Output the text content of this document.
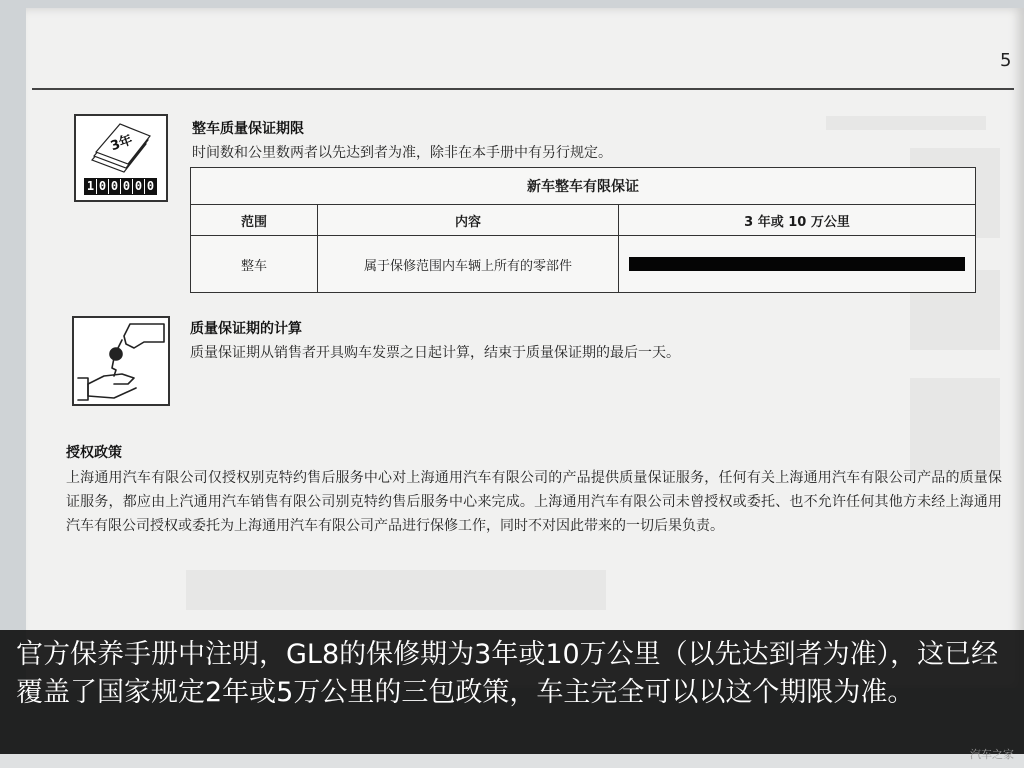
5
3年
1 0 0 0 0 0
整车质量保证期限
时间数和公里数两者以先达到者为准，除非在本手册中有另行规定。
新车整车有限保证		
范围	内容	3 年或 10 万公里
整车	属于保修范围内车辆上所有的零部件	
质量保证期的计算
质量保证期从销售者开具购车发票之日起计算，结束于质量保证期的最后一天。
授权政策
上海通用汽车有限公司仅授权别克特约售后服务中心对上海通用汽车有限公司的产品提供质量保证服务，任何有关上海通用汽车有限公司产品的质量保证服务，都应由上汽通用汽车销售有限公司别克特约售后服务中心来完成。上海通用汽车有限公司未曾授权或委托、也不允许任何其他方未经上海通用汽车有限公司授权或委托为上海通用汽车有限公司产品进行保修工作，同时不对因此带来的一切后果负责。
官方保养手册中注明，GL8的保修期为3年或10万公里（以先达到者为准），这已经覆盖了国家规定2年或5万公里的三包政策，车主完全可以以这个期限为准。
汽车之家
